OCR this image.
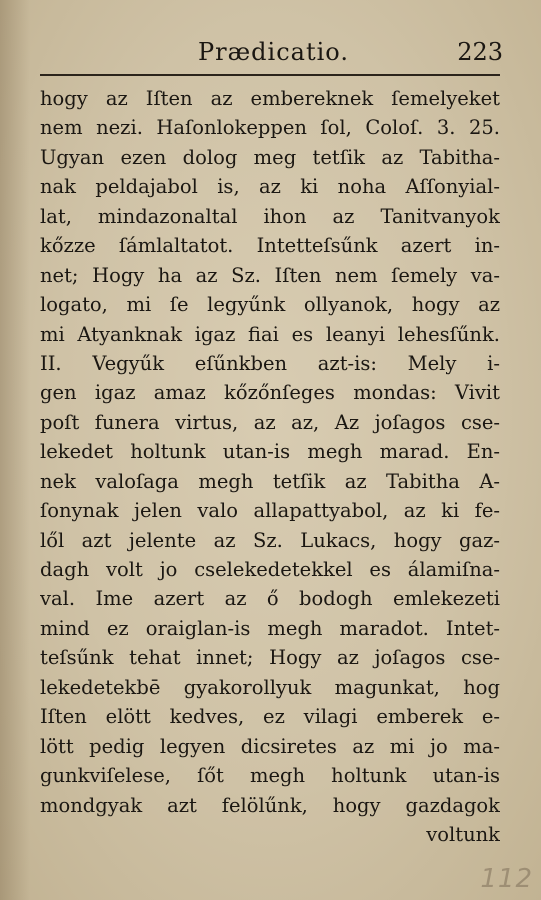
Prædicatio.	223
hogy az Iſten az embereknek ſemelyeket
nem nezi. Haſonlokeppen ſol, Coloſ. 3. 25.
Ugyan ezen dolog meg tetſik az Tabitha-
nak peldajabol is, az ki noha Aſſonyial-
lat, mindazonaltal ihon az Tanitvanyok
kőzze ſámlaltatot. Intetteſsűnk azert in-
net; Hogy ha az Sz. Iſten nem ſemely va-
logato, mi ſe legyűnk ollyanok, hogy az
mi Atyanknak igaz fiai es leanyi lehesſűnk.
II. Vegyűk eſűnkben azt-is: Mely i-
gen igaz amaz kőzőnſeges mondas: Vivit
poſt funera virtus, az az, Az joſagos cse-
lekedet holtunk utan-is megh marad. En-
nek valoſaga megh tetſik az Tabitha A-
ſonynak jelen valo allapattyabol, az ki fe-
lől azt jelente az Sz. Lukacs, hogy gaz-
dagh volt jo cselekedetekkel es álamiſna-
val. Ime azert az ő bodogh emlekezeti
mind ez oraiglan-is megh maradot. Intet-
teſsűnk tehat innet; Hogy az joſagos cse-
lekedetekbē gyakorollyuk magunkat, hog
Iſten elött kedves, ez vilagi emberek e-
lött pedig legyen dicsiretes az mi jo ma-
gunkviſelese, ſőt megh holtunk utan-is
mondgyak azt felölűnk, hogy gazdagok
voltunk
112
